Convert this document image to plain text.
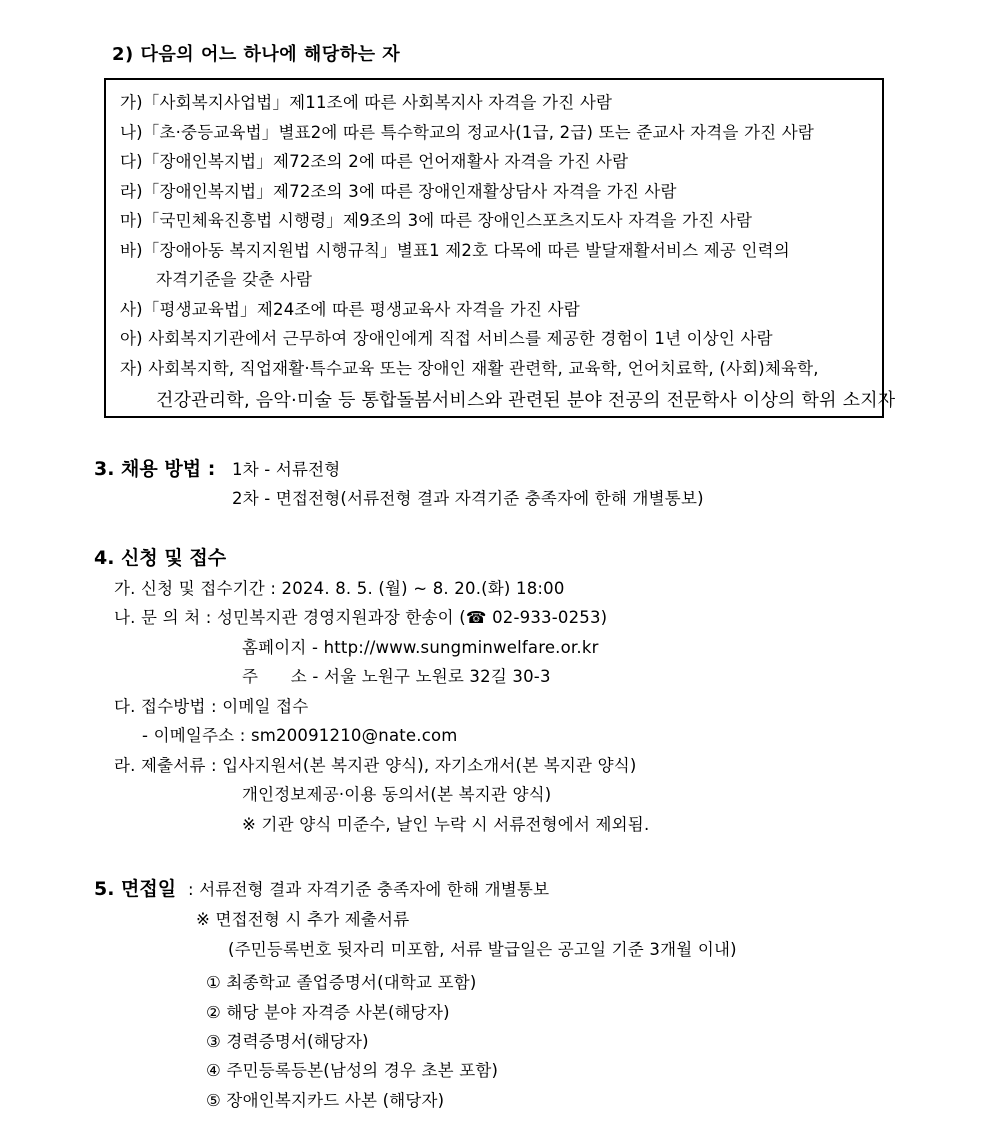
2) 다음의 어느 하나에 해당하는 자
가)「사회복지사업법」제11조에 따른 사회복지사 자격을 가진 사람
나)「초·중등교육법」별표2에 따른 특수학교의 정교사(1급, 2급) 또는 준교사 자격을 가진 사람
다)「장애인복지법」제72조의 2에 따른 언어재활사 자격을 가진 사람
라)「장애인복지법」제72조의 3에 따른 장애인재활상담사 자격을 가진 사람
마)「국민체육진흥법 시행령」제9조의 3에 따른 장애인스포츠지도사 자격을 가진 사람
바)「장애아동 복지지원법 시행규칙」별표1 제2호 다목에 따른 발달재활서비스 제공 인력의
자격기준을 갖춘 사람
사)「평생교육법」제24조에 따른 평생교육사 자격을 가진 사람
아) 사회복지기관에서 근무하여 장애인에게 직접 서비스를 제공한 경험이 1년 이상인 사람
자) 사회복지학, 직업재활·특수교육 또는 장애인 재활 관련학, 교육학, 언어치료학, (사회)체육학,
건강관리학, 음악·미술 등 통합돌봄서비스와 관련된 분야 전공의 전문학사 이상의 학위 소지자
3. 채용 방법 : 1차 - 서류전형
2차 - 면접전형(서류전형 결과 자격기준 충족자에 한해 개별통보)
4. 신청 및 접수
가. 신청 및 접수기간 : 2024. 8. 5. (월) ~ 8. 20.(화) 18:00
나. 문 의 처 : 성민복지관 경영지원과장 한송이 (☎ 02-933-0253)
홈페이지 - http://www.sungminwelfare.or.kr
주      소 - 서울 노원구 노원로 32길 30-3
다. 접수방법 : 이메일 접수
- 이메일주소 : sm20091210@nate.com
라. 제출서류 : 입사지원서(본 복지관 양식), 자기소개서(본 복지관 양식)
개인정보제공·이용 동의서(본 복지관 양식)
※ 기관 양식 미준수, 날인 누락 시 서류전형에서 제외됨.
5. 면접일 : 서류전형 결과 자격기준 충족자에 한해 개별통보
※ 면접전형 시 추가 제출서류
(주민등록번호 뒷자리 미포함, 서류 발급일은 공고일 기준 3개월 이내)
① 최종학교 졸업증명서(대학교 포함)
② 해당 분야 자격증 사본(해당자)
③ 경력증명서(해당자)
④ 주민등록등본(남성의 경우 초본 포함)
⑤ 장애인복지카드 사본 (해당자)
